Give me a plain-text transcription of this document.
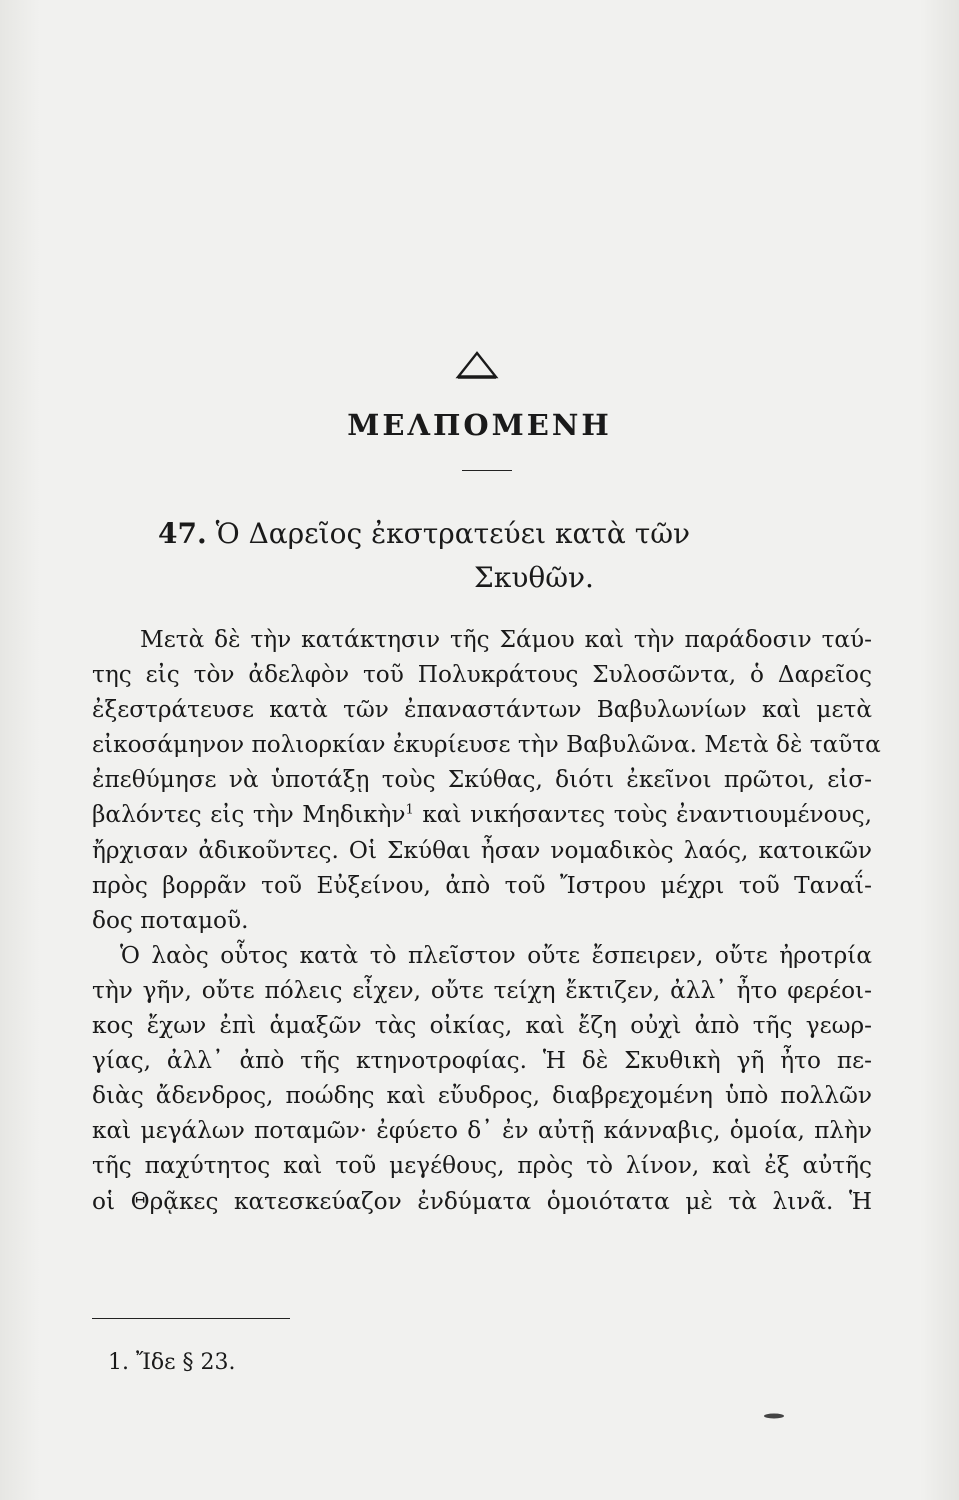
ΜΕΛΠΟΜΕΝΗ
47. Ὁ Δαρεῖος ἐκστρατεύει κατὰ τῶν
Σκυθῶν.
Μετὰ δὲ τὴν κατάκτησιν τῆς Σάμου καὶ τὴν παράδοσιν ταύ-
της εἰς τὸν ἀδελφὸν τοῦ Πολυκράτους Συλοσῶντα, ὁ Δαρεῖος
ἐξεστράτευσε κατὰ τῶν ἐπαναστάντων Βαβυλωνίων καὶ μετὰ
εἰκοσάμηνον πολιορκίαν ἐκυρίευσε τὴν Βαβυλῶνα. Μετὰ δὲ ταῦτα
ἐπεθύμησε νὰ ὑποτάξῃ τοὺς Σκύθας, διότι ἐκεῖνοι πρῶτοι, εἰσ-
βαλόντες εἰς τὴν Μηδικὴν$^1$ καὶ νικήσαντες τοὺς ἐναντιουμένους,
ἤρχισαν ἀδικοῦντες. Οἱ Σκύθαι ἦσαν νομαδικὸς λαός, κατοικῶν
πρὸς βορρᾶν τοῦ Εὐξείνου, ἀπὸ τοῦ Ἴστρου μέχρι τοῦ Ταναΐ-
δος ποταμοῦ.
Ὁ λαὸς οὗτος κατὰ τὸ πλεῖστον οὔτε ἔσπειρεν, οὔτε ἠροτρία
τὴν γῆν, οὔτε πόλεις εἶχεν, οὔτε τείχη ἔκτιζεν, ἀλλ᾽ ἦτο φερέοι-
κος ἔχων ἐπὶ ἁμαξῶν τὰς οἰκίας, καὶ ἔζη οὐχὶ ἀπὸ τῆς γεωρ-
γίας, ἀλλ᾽ ἀπὸ τῆς κτηνοτροφίας. Ἡ δὲ Σκυθικὴ γῆ ἦτο πε-
διὰς ἄδενδρος, ποώδης καὶ εὔυδρος, διαβρεχομένη ὑπὸ πολλῶν
καὶ μεγάλων ποταμῶν· ἐφύετο δ᾽ ἐν αὐτῇ κάνναβις, ὁμοία, πλὴν
τῆς παχύτητος καὶ τοῦ μεγέθους, πρὸς τὸ λίνον, καὶ ἐξ αὐτῆς
οἱ Θρᾷκες κατεσκεύαζον ἐνδύματα ὁμοιότατα μὲ τὰ λινᾶ. Ἡ
1. Ἴδε § 23.
